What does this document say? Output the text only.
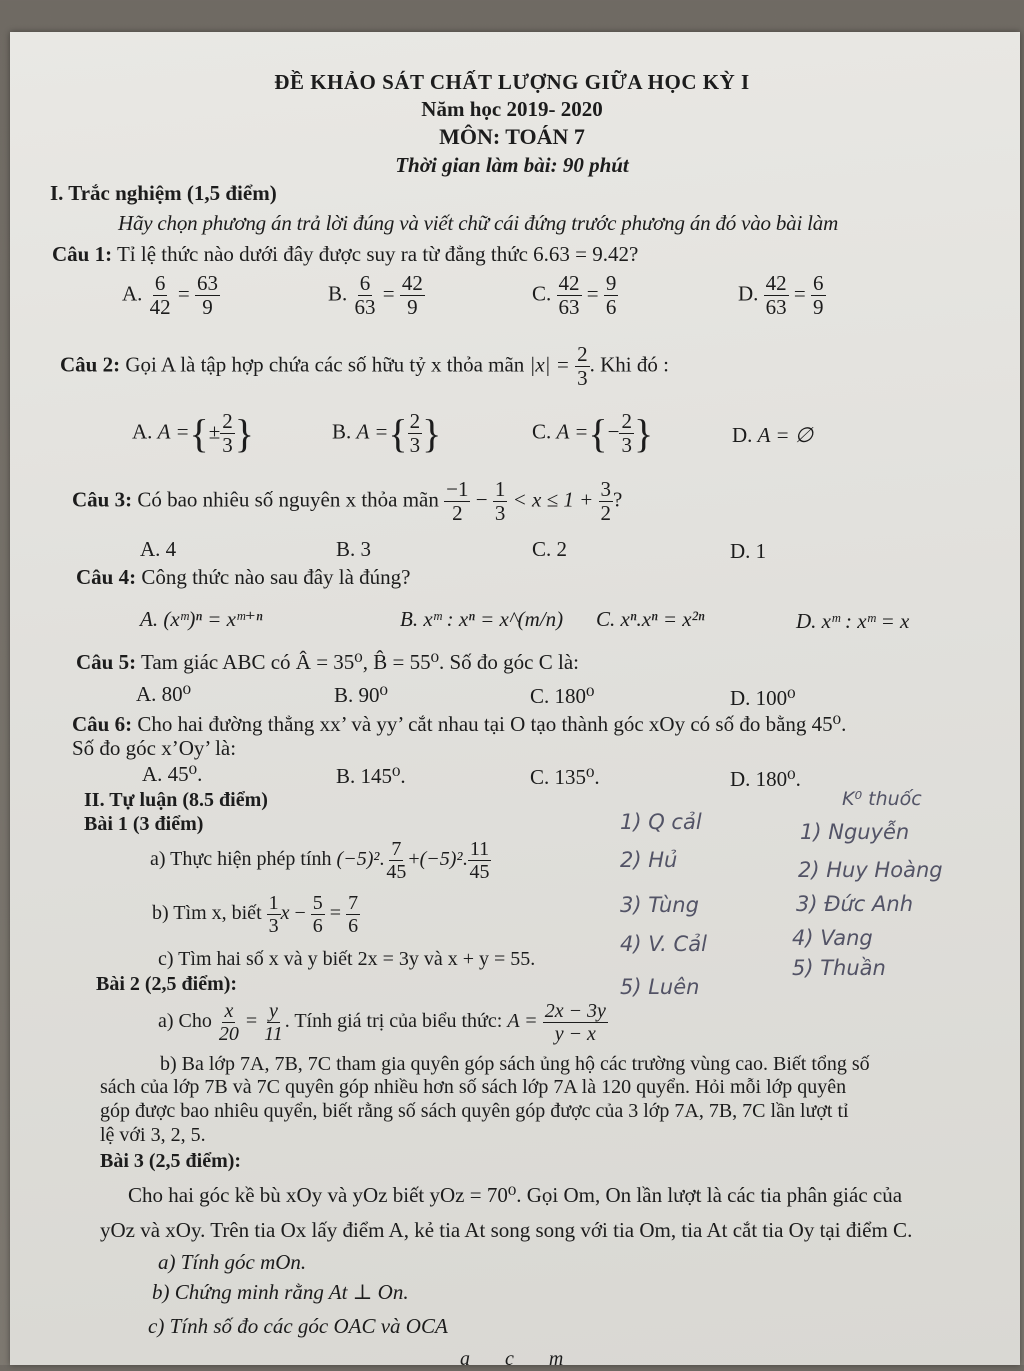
ĐỀ KHẢO SÁT CHẤT LƯỢNG GIỮA HỌC KỲ I
Năm học 2019- 2020
MÔN: TOÁN 7
Thời gian làm bài: 90 phút
I. Trắc nghiệm (1,5 điểm)
Hãy chọn phương án trả lời đúng và viết chữ cái đứng trước phương án đó vào bài làm
Câu 1: Tỉ lệ thức nào dưới đây được suy ra từ đẳng thức 6.63 = 9.42?
A. $\frac{6}{42} = \frac{63}{9}$	B. $\frac{6}{63} = \frac{42}{9}$	C. $\frac{42}{63} = \frac{9}{6}$	D. $\frac{42}{63} = \frac{6}{9}$
Câu 2: Gọi A là tập hợp chứa các số hữu tỷ x thỏa mãn $|x| = \frac{2}{3}$ . Khi đó :
A. A ={± $\frac{2}{3}$ }	B. A ={ $\frac{2}{3}$ }	C. A ={− $\frac{2}{3}$ }	D. A = ∅
Câu 3: Có bao nhiêu số nguyên x thỏa mãn $\frac{-1}{2} - \frac{1}{3} < x \le 1 + \frac{3}{2}$ ?
A. 4	B. 3	C. 2	D. 1
Câu 4: Công thức nào sau đây là đúng?
A. (xᵐ)ⁿ = xᵐ⁺ⁿ	B. xᵐ : xⁿ = x^(m/n) C. xⁿ.xⁿ = x²ⁿ	D. xᵐ : xᵐ = x
Câu 5: Tam giác ABC có Â = 35⁰, B̂ = 55⁰. Số đo góc C là:
A. 80⁰	B. 90⁰	C. 180⁰	D. 100⁰
Câu 6: Cho hai đường thẳng xx’ và yy’ cắt nhau tại O tạo thành góc xOy có số đo bằng 45⁰.
Số đo góc x’Oy’ là:
A. 45⁰.	B. 145⁰.	C. 135⁰.	D. 180⁰.
II. Tự luận (8.5 điểm)
Bài 1 (3 điểm)
a) Thực hiện phép tính (−5)². $\frac{7}{45} +(-5)^2$. $\frac{11}{45}$
b) Tìm x, biết $\frac{1}{3}$ $x - \frac{5}{6} = \frac{7}{6}$
c) Tìm hai số x và y biết 2x = 3y và x + y = 55.
Bài 2 (2,5 điểm):
a) Cho $\frac{x}{20} = \frac{y}{11}$ . Tính giá trị của biểu thức: $A = \frac{2x - 3y}{y - x}$
b) Ba lớp 7A, 7B, 7C tham gia quyên góp sách ủng hộ các trường vùng cao. Biết tổng số
sách của lớp 7B và 7C quyên góp nhiều hơn số sách lớp 7A là 120 quyển. Hỏi mỗi lớp quyên
góp được bao nhiêu quyển, biết rằng số sách quyên góp được của 3 lớp 7A, 7B, 7C lần lượt tỉ
lệ với 3, 2, 5.
Bài 3 (2,5 điểm):
Cho hai góc kề bù xOy và yOz biết yOz = 70⁰. Gọi Om, On lần lượt là các tia phân giác của
yOz và xOy. Trên tia Ox lấy điểm A, kẻ tia At song song với tia Om, tia At cắt tia Oy tại điểm C.
a) Tính góc mOn.
b) Chứng minh rằng At ⊥ On.
c) Tính số đo các góc OAC và OCA
a c m
1) Q cảl
2) Hủ
3) Tùng
4) V. Cảl
5) Luên
K⁰ thuốc
1) Nguyễn
2) Huy Hoàng
3) Đức Anh
4) Vang
5) Thuần
